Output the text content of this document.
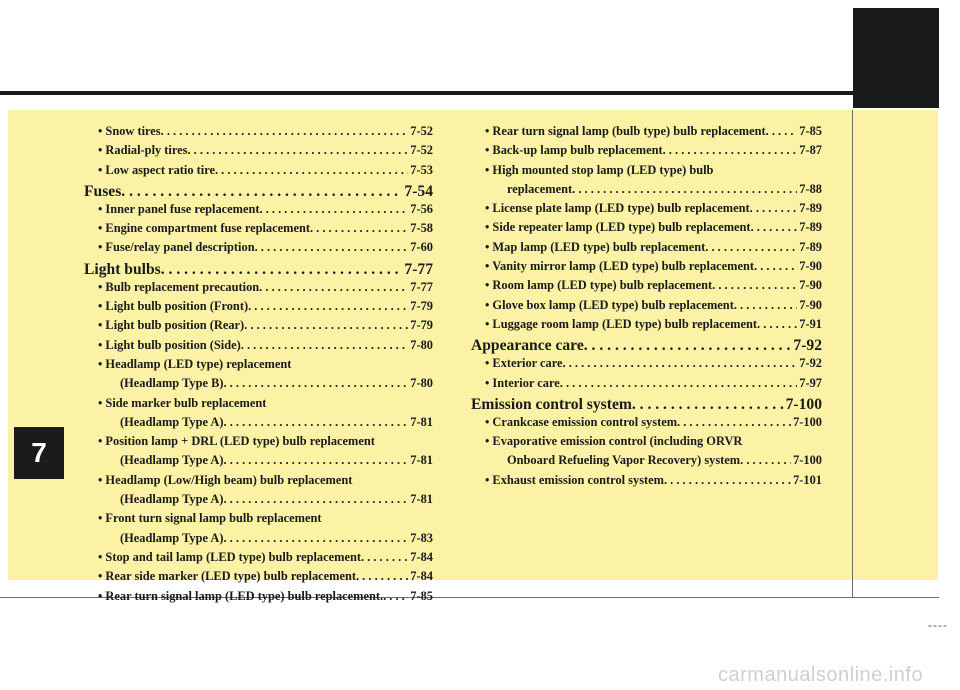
7
----
carmanualsonline.info
• Snow tires . . .	7-52
• Radial-ply tires . . .	7-52
• Low aspect ratio tire . . .	7-53
Fuses . . .	7-54
• Inner panel fuse replacement . . .	7-56
• Engine compartment fuse replacement . . .	7-58
• Fuse/relay panel description . . .	7-60
Light bulbs . . .	7-77
• Bulb replacement precaution . . .	7-77
• Light bulb position (Front) . . .	7-79
• Light bulb position (Rear) . . .	7-79
• Light bulb position (Side) . . .	7-80
• Headlamp (LED type) replacement
(Headlamp Type B) . . .	7-80
• Side marker bulb replacement
(Headlamp Type A) . . .	7-81
• Position lamp + DRL (LED type) bulb replacement
(Headlamp Type A) . . .	7-81
• Headlamp (Low/High beam) bulb replacement
(Headlamp Type A) . . .	7-81
• Front turn signal lamp bulb replacement
(Headlamp Type A) . . .	7-83
• Stop and tail lamp (LED type) bulb replacement . . .	7-84
• Rear side marker (LED type) bulb replacement . . .	7-84
• Rear turn signal lamp (LED type) bulb replacement. . . . 7-85
• Rear turn signal lamp (bulb type) bulb replacement . . .	7-85
• Back-up lamp bulb replacement . . .	7-87
• High mounted stop lamp (LED type) bulb
replacement . . .	7-88
• License plate lamp (LED type) bulb replacement . . .	7-89
• Side repeater lamp (LED type) bulb replacement . . .	7-89
• Map lamp (LED type) bulb replacement . . .	7-89
• Vanity mirror lamp (LED type) bulb replacement . . .	7-90
• Room lamp (LED type) bulb replacement . . .	7-90
• Glove box lamp (LED type) bulb replacement . . .	7-90
• Luggage room lamp (LED type) bulb replacement . . .	7-91
Appearance care . . .	7-92
• Exterior care . . .	7-92
• Interior care . . .	7-97
Emission control system . . .	7-100
• Crankcase emission control system . . .	7-100
• Evaporative emission control (including ORVR
Onboard Refueling Vapor Recovery) system . . .	7-100
• Exhaust emission control system . . .	7-101
